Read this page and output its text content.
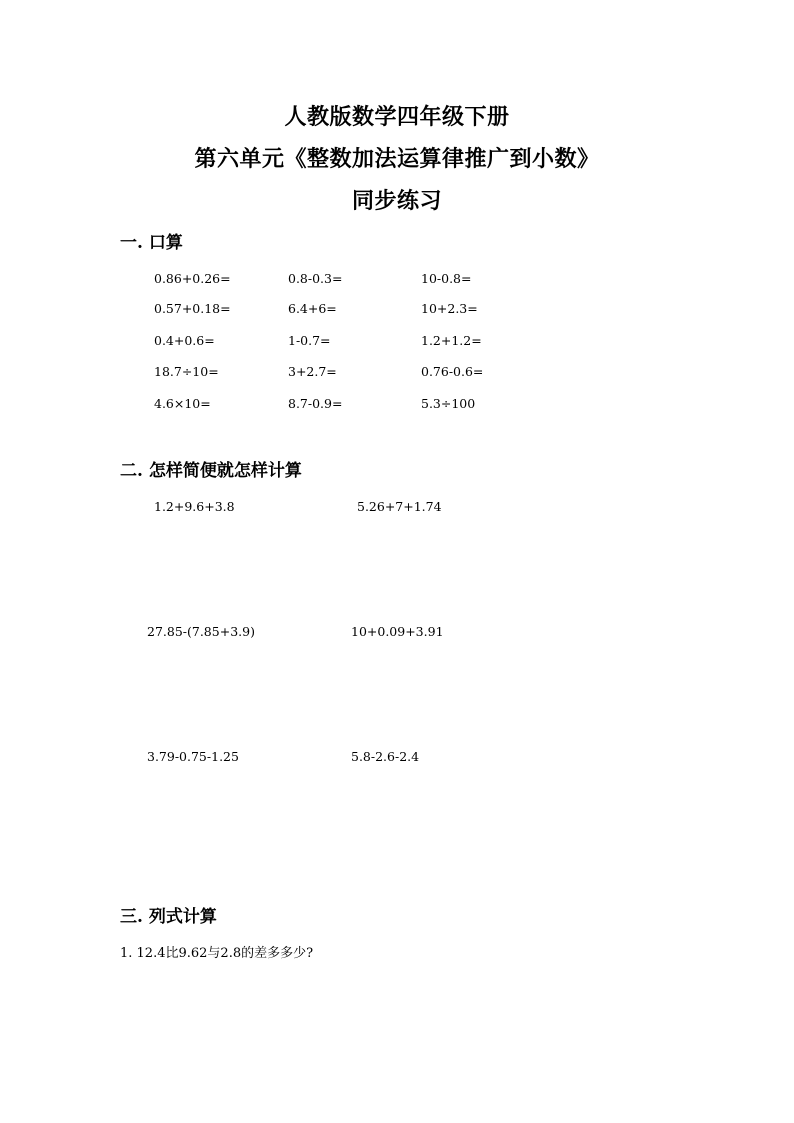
人教版数学四年级下册
第六单元《整数加法运算律推广到小数》
同步练习
一. 口算
0.86+0.26=	0.8-0.3=	10-0.8=
0.57+0.18=	6.4+6=	10+2.3=
0.4+0.6=	1-0.7=	1.2+1.2=
18.7÷10=	3+2.7=	0.76-0.6=
4.6×10=	8.7-0.9=	5.3÷100
二. 怎样简便就怎样计算
1.2+9.6+3.8	5.26+7+1.74
27.85-(7.85+3.9)	10+0.09+3.91
3.79-0.75-1.25	5.8-2.6-2.4
三. 列式计算
1. 12.4比9.62与2.8的差多多少?
